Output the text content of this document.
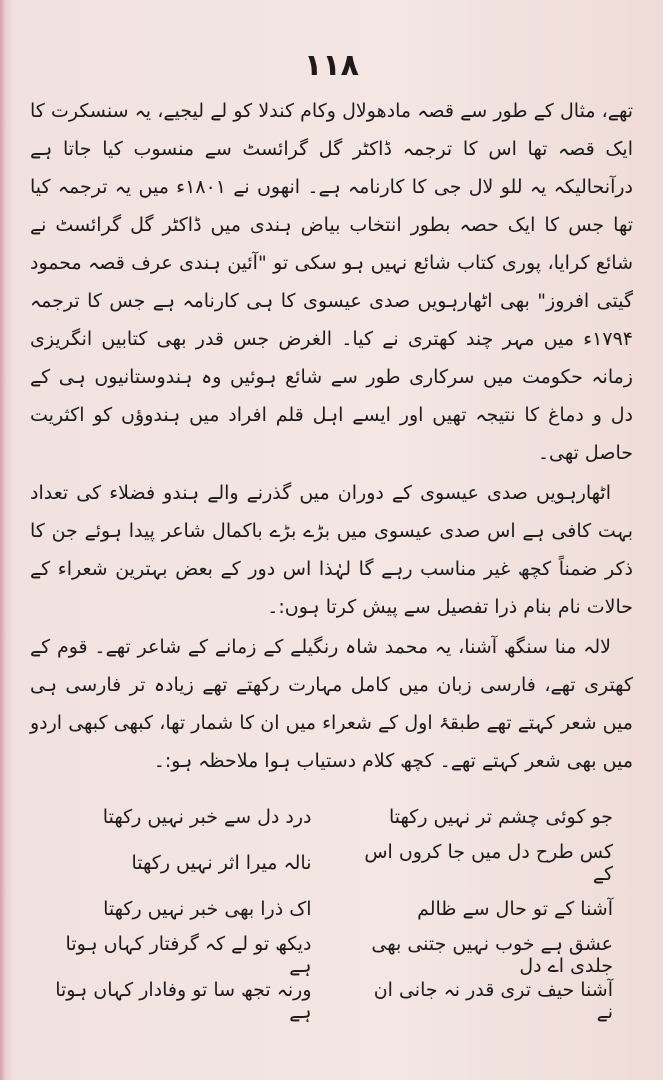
۱۱۸

تھے، مثال کے طور سے قصہ مادھولال وکام کندلا کو لے لیجیے، یہ سنسکرت کا ایک قصہ تھا اس کا ترجمہ ڈاکٹر گل گرائسٹ سے منسوب کیا جاتا ہے درآنحالیکہ یہ للو لال جی کا کارنامہ ہے۔ انھوں نے ۱۸۰۱ء میں یہ ترجمہ کیا تھا جس کا ایک حصہ بطور انتخاب بیاض ہندی میں ڈاکٹر گل گرائسٹ نے شائع کرایا، پوری کتاب شائع نہیں ہو سکی تو "آئین ہندی عرف قصہ محمود گیتی افروز" بھی اٹھارہویں صدی عیسوی کا ہی کارنامہ ہے جس کا ترجمہ ۱۷۹۴ء میں مہر چند کھتری نے کیا۔ الغرض جس قدر بھی کتابیں انگریزی زمانہ حکومت میں سرکاری طور سے شائع ہوئیں وہ ہندوستانیوں ہی کے دل و دماغ کا نتیجہ تھیں اور ایسے اہل قلم افراد میں ہندوؤں کو اکثریت حاصل تھی۔

اٹھارہویں صدی عیسوی کے دوران میں گذرنے والے ہندو فضلاء کی تعداد بہت کافی ہے اس صدی عیسوی میں بڑے بڑے باکمال شاعر پیدا ہوئے جن کا ذکر ضمناً کچھ غیر مناسب رہے گا لہٰذا اس دور کے بعض بہترین شعراء کے حالات نام بنام ذرا تفصیل سے پیش کرتا ہوں:۔

لالہ منا سنگھ آشنا، یہ محمد شاہ رنگیلے کے زمانے کے شاعر تھے۔ قوم کے کھتری تھے، فارسی زبان میں کامل مہارت رکھتے تھے زیادہ تر فارسی ہی میں شعر کہتے تھے طبقۂ اول کے شعراء میں ان کا شمار تھا، کبھی کبھی اردو میں بھی شعر کہتے تھے۔ کچھ کلام دستیاب ہوا ملاحظہ ہو:۔

جو کوئی چشم تر نہیں رکھتا
درد دل سے خبر نہیں رکھتا
کس طرح دل میں جا کروں اس کے
نالہ میرا اثر نہیں رکھتا
آشنا کے تو حال سے ظالم
اک ذرا بھی خبر نہیں رکھتا
عشق ہے خوب نہیں جتنی بھی جلدی اے دل
دیکھ تو لے کہ گرفتار کہاں ہوتا ہے
آشنا حیف تری قدر نہ جانی ان نے
ورنہ تجھ سا تو وفادار کہاں ہوتا ہے
